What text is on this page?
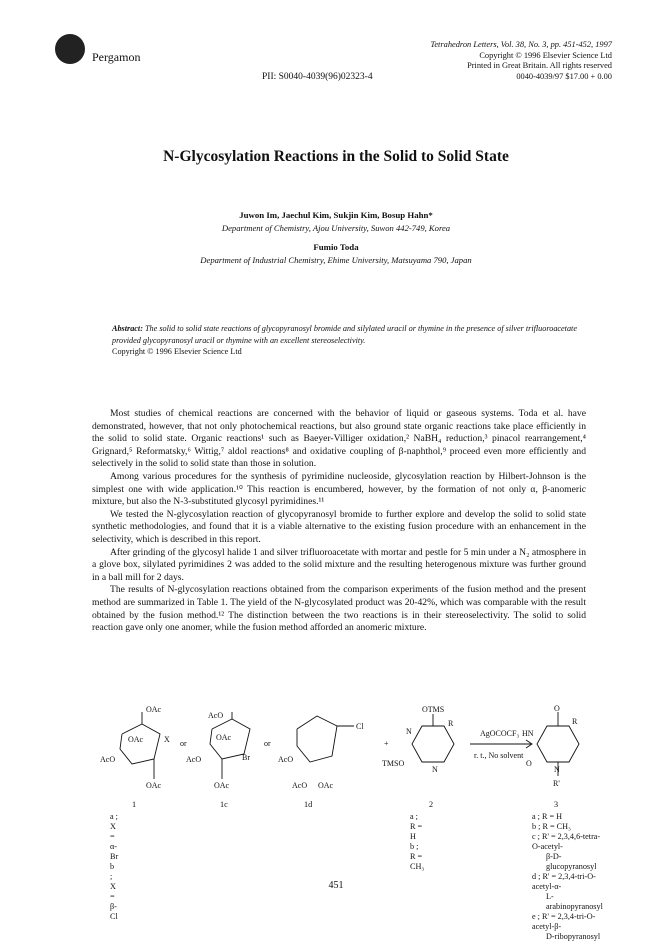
Pergamon
Tetrahedron Letters, Vol. 38, No. 3, pp. 451-452, 1997
Copyright © 1996 Elsevier Science Ltd
Printed in Great Britain. All rights reserved
0040-4039/97 $17.00 + 0.00
PII: S0040-4039(96)02323-4
N-Glycosylation Reactions in the Solid to Solid State
Juwon Im, Jaechul Kim, Sukjin Kim, Bosup Hahn*
Department of Chemistry, Ajou University, Suwon 442-749, Korea
Fumio Toda
Department of Industrial Chemistry, Ehime University, Matsuyama 790, Japan
Abstract: The solid to solid state reactions of glycopyranosyl bromide and silylated uracil or thymine in the presence of silver trifluoroacetate provided glycopyranosyl uracil or thymine with an excellent stereoselectivity.
Copyright © 1996 Elsevier Science Ltd

Most studies of chemical reactions are concerned with the behavior of liquid or gaseous systems. Toda et al. have demonstrated, however, that not only photochemical reactions, but also ground state organic reactions take place efficiently in the solid to solid state. Organic reactions¹ such as Baeyer-Villiger oxidation,² NaBH₄ reduction,³ pinacol rearrangement,⁴ Grignard,⁵ Reformatsky,⁶ Wittig,⁷ aldol reactions⁸ and oxidative coupling of β-naphthol,⁹ proceed even more efficiently and selectively in the solid to solid state than those in solution.

Among various procedures for the synthesis of pyrimidine nucleoside, glycosylation reaction by Hilbert-Johnson is the simplest one with wide application.¹⁰ This reaction is encumbered, however, by the formation of not only α, β-anomeric mixture, but also the N-3-substituted glycosyl pyrimidines.¹¹

We tested the N-glycosylation reaction of glycopyranosyl bromide to further explore and develop the solid to solid state synthetic methodologies, and found that it is a viable alternative to the existing fusion procedure with an enhancement in the selectivity, which is described in this report.

After grinding of the glycosyl halide 1 and silver trifluoroacetate with mortar and pestle for 5 min under a N₂ atmosphere in a glove box, silylated pyrimidines 2 was added to the solid mixture and the resulting heterogenous mixture was further ground in a ball mill for 2 days.

The results of N-glycosylation reactions obtained from the comparison experiments of the fusion method and the present method are summarized in Table 1. The yield of the N-glycosylated product was 20-42%, which was comparable with the result obtained by the fusion method.¹² The distinction between the two reactions is in their stereoselectivity. The solid to solid reaction gave only one anomer, while the fusion method afforded an anomeric mixture.

OAc
OAc	X
AcO
OAc
or
AcO
OAc
Br
AcO
OAc
or
Cl
AcO
AcO OAc
+
OTMS
R
N
N
TMSO
AgOCOCF₃
r. t., No solvent
O
R
HN
O
N
R'
1	1c	1d	2	3
a ; X = α-Br
b ; X = β-Cl
a ; R = H
b ; R = CH₃
a ; R = H
b ; R = CH₃
c ; R' = 2,3,4,6-tetra-O-acetyl-
β-D-glucopyranosyl
d ; R' = 2,3,4-tri-O-acetyl-α-
L-arabinopyranosyl
e ; R' = 2,3,4-tri-O-acetyl-β-
D-ribopyranosyl
451
